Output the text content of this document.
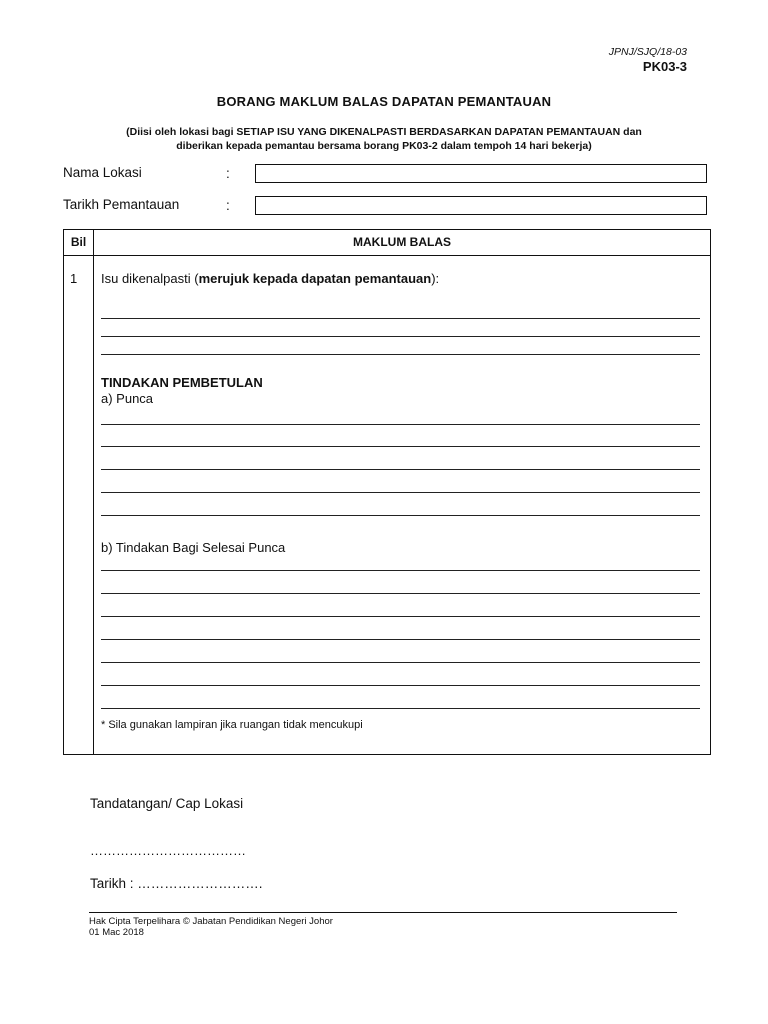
JPNJ/SJQ/18-03
PK03-3
BORANG MAKLUM BALAS DAPATAN PEMANTAUAN
(Diisi oleh lokasi bagi SETIAP ISU YANG DIKENALPASTI BERDASARKAN DAPATAN PEMANTAUAN dan
diberikan kepada pemantau bersama borang PK03-2 dalam tempoh 14 hari bekerja)
Nama Lokasi	:
Tarikh Pemantauan	:
Bil	MAKLUM BALAS
1 Isu dikenalpasti (merujuk kepada dapatan pemantauan):
TINDAKAN PEMBETULAN
a) Punca
b) Tindakan Bagi Selesai Punca
* Sila gunakan lampiran jika ruangan tidak mencukupi
Tandatangan/ Cap Lokasi
………………………………
Tarikh : ……………………….
Hak Cipta Terpelihara © Jabatan Pendidikan Negeri Johor
01 Mac 2018
